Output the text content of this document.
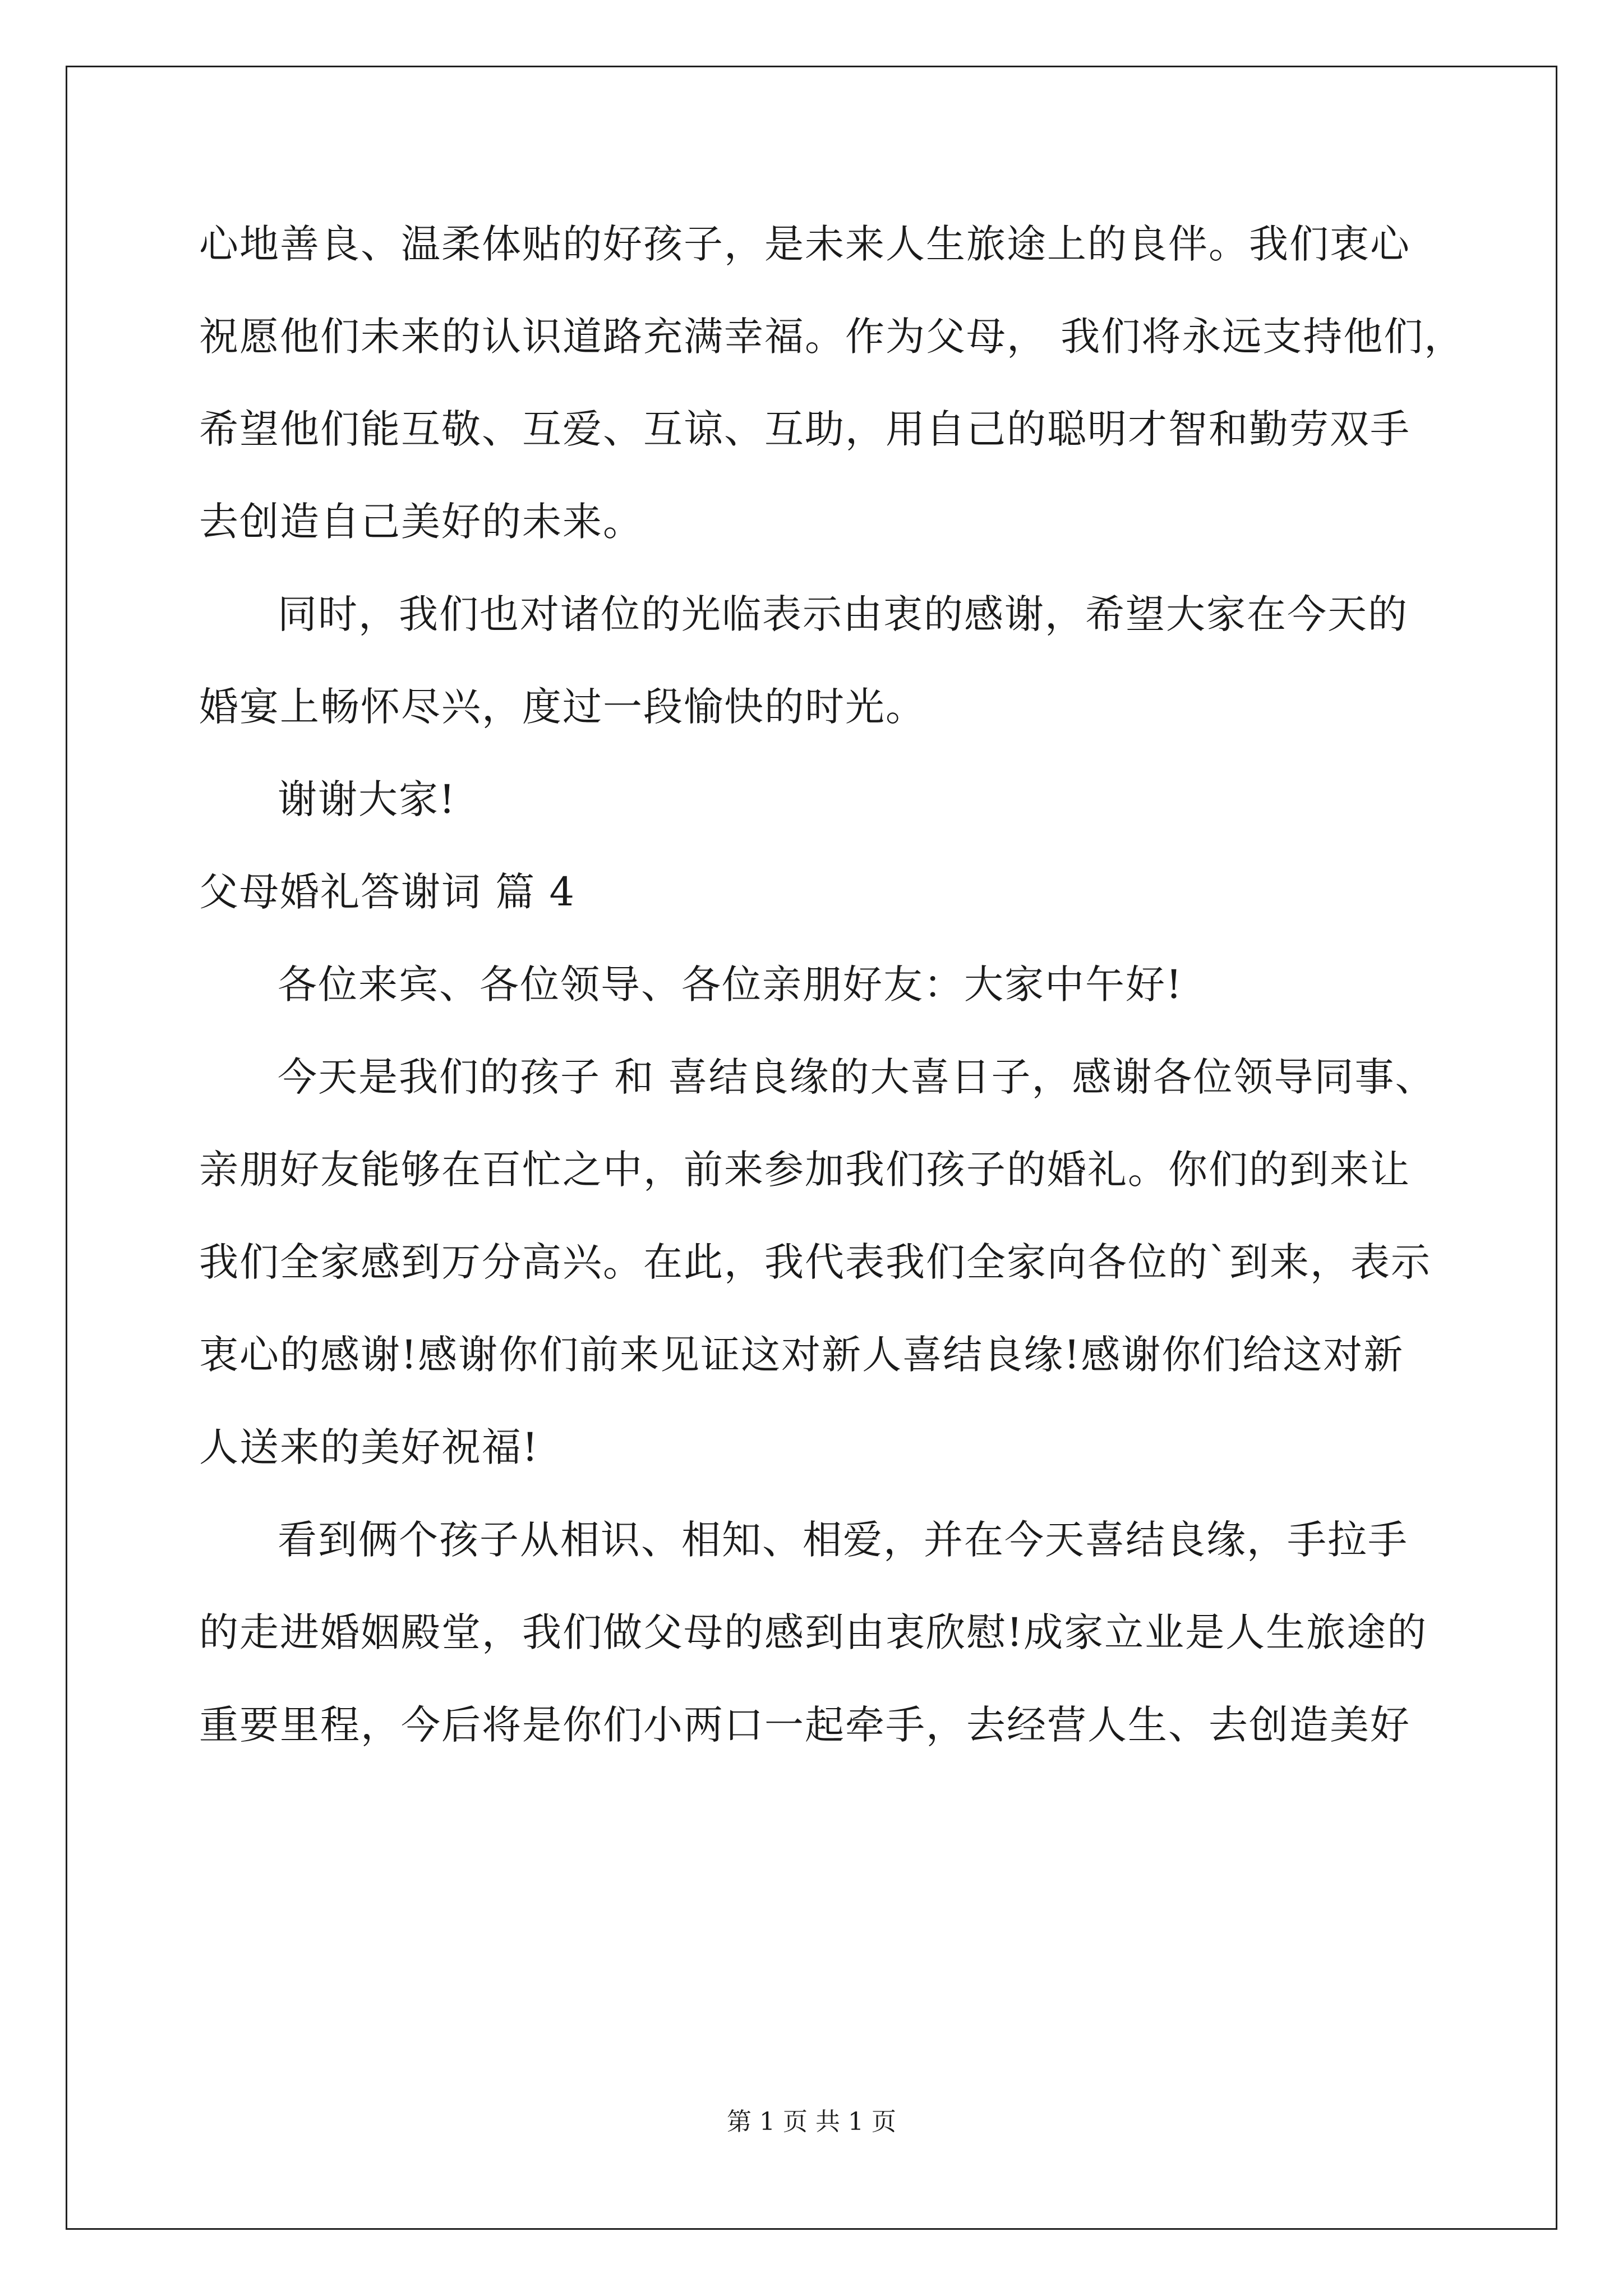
心地善良、温柔体贴的好孩子，是未来人生旅途上的良伴。我们衷心
祝愿他们未来的认识道路充满幸福。作为父母， 我们将永远支持他们，
希望他们能互敬、互爱、互谅、互助，用自己的聪明才智和勤劳双手
去创造自己美好的未来。
同时，我们也对诸位的光临表示由衷的感谢，希望大家在今天的
婚宴上畅怀尽兴，度过一段愉快的时光。
谢谢大家!
父母婚礼答谢词 篇 4
各位来宾、各位领导、各位亲朋好友：大家中午好!
今天是我们的孩子 和 喜结良缘的大喜日子，感谢各位领导同事、
亲朋好友能够在百忙之中，前来参加我们孩子的婚礼。你们的到来让
我们全家感到万分高兴。在此，我代表我们全家向各位的`到来，表示
衷心的感谢!感谢你们前来见证这对新人喜结良缘!感谢你们给这对新
人送来的美好祝福!
看到俩个孩子从相识、相知、相爱，并在今天喜结良缘，手拉手
的走进婚姻殿堂，我们做父母的感到由衷欣慰!成家立业是人生旅途的
重要里程，今后将是你们小两口一起牵手，去经营人生、去创造美好
第 1 页 共 1 页
